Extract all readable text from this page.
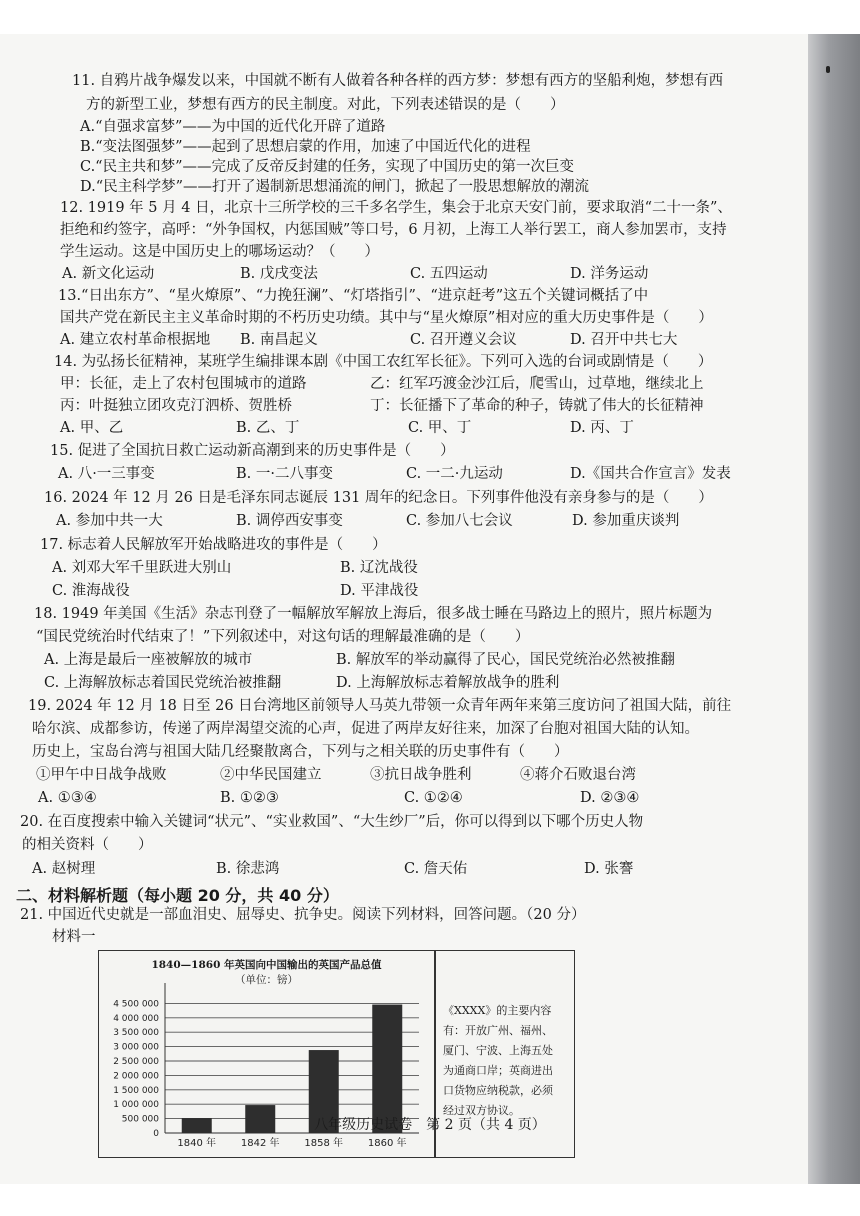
11. 自鸦片战争爆发以来，中国就不断有人做着各种各样的西方梦：梦想有西方的坚船利炮，梦想有西
方的新型工业，梦想有西方的民主制度。对此，下列表述错误的是（　　）
A.“自强求富梦”——为中国的近代化开辟了道路
B.“变法图强梦”——起到了思想启蒙的作用，加速了中国近代化的进程
C.“民主共和梦”——完成了反帝反封建的任务，实现了中国历史的第一次巨变
D.“民主科学梦”——打开了遏制新思想涌流的闸门，掀起了一股思想解放的潮流
12. 1919 年 5 月 4 日，北京十三所学校的三千多名学生，集会于北京天安门前，要求取消“二十一条”、
拒绝和约签字，高呼：“外争国权，内惩国贼”等口号，6 月初，上海工人举行罢工，商人参加罢市，支持
学生运动。这是中国历史上的哪场运动？（　　）
A. 新文化运动	B. 戊戌变法	C. 五四运动	D. 洋务运动
13.“日出东方”、“星火燎原”、“力挽狂澜”、“灯塔指引”、“进京赶考”这五个关键词概括了中
国共产党在新民主主义革命时期的不朽历史功绩。其中与“星火燎原”相对应的重大历史事件是（　　）
A. 建立农村革命根据地 B. 南昌起义	C. 召开遵义会议	D. 召开中共七大
14. 为弘扬长征精神，某班学生编排课本剧《中国工农红军长征》。下列可入选的台词或剧情是（　　）
甲：长征，走上了农村包围城市的道路	乙：红军巧渡金沙江后，爬雪山，过草地，继续北上
丙：叶挺独立团攻克汀泗桥、贺胜桥	丁：长征播下了革命的种子，铸就了伟大的长征精神
A. 甲、乙	B. 乙、丁	C. 甲、丁	D. 丙、丁
15. 促进了全国抗日救亡运动新高潮到来的历史事件是（　　）
A. 八·一三事变	B. 一·二八事变	C. 一二·九运动	D.《国共合作宣言》发表
16. 2024 年 12 月 26 日是毛泽东同志诞辰 131 周年的纪念日。下列事件他没有亲身参与的是（　　）
A. 参加中共一大	B. 调停西安事变	C. 参加八七会议	D. 参加重庆谈判
17. 标志着人民解放军开始战略进攻的事件是（　　）
A. 刘邓大军千里跃进大别山	B. 辽沈战役
C. 淮海战役	D. 平津战役
18. 1949 年美国《生活》杂志刊登了一幅解放军解放上海后，很多战士睡在马路边上的照片，照片标题为
“国民党统治时代结束了！”下列叙述中，对这句话的理解最准确的是（　　）
A. 上海是最后一座被解放的城市	B. 解放军的举动赢得了民心，国民党统治必然被推翻
C. 上海解放标志着国民党统治被推翻	D. 上海解放标志着解放战争的胜利
19. 2024 年 12 月 18 日至 26 日台湾地区前领导人马英九带领一众青年两年来第三度访问了祖国大陆，前往
哈尔滨、成都参访，传递了两岸渴望交流的心声，促进了两岸友好往来，加深了台胞对祖国大陆的认知。
历史上，宝岛台湾与祖国大陆几经聚散离合，下列与之相关联的历史事件有（　　）
①甲午中日战争战败	②中华民国建立	③抗日战争胜利	④蒋介石败退台湾
A. ①③④	B. ①②③	C. ①②④	D. ②③④
20. 在百度搜索中输入关键词“状元”、“实业救国”、“大生纱厂”后，你可以得到以下哪个历史人物
的相关资料（　　）
A. 赵树理	B. 徐悲鸿	C. 詹天佑	D. 张謇
二、材料解析题（每小题 20 分，共 40 分）
21. 中国近代史就是一部血泪史、屈辱史、抗争史。阅读下列材料，回答问题。（20 分）
材料一
1840—1860 年英国向中国输出的英国产品总值
（单位：镑）
4 500 000
4 000 000
3 500 000
3 000 000
2 500 000
2 000 000
1 500 000
1 000 000
500 000
0
1840 年 1842 年 1858 年 1860 年
《XXXX》的主要内容有：开放广州、福州、厦门、宁波、上海五处为通商口岸；英商进出口货物应纳税款，必须经过双方协议。
八年级历史试卷　第 2 页（共 4 页）
